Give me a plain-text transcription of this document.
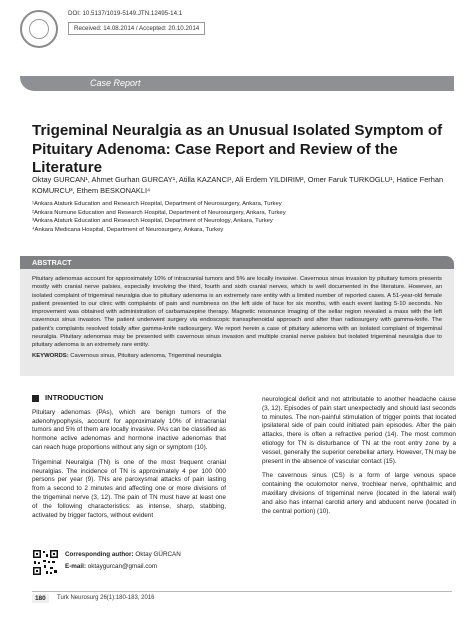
DOI: 10.5137/1019-5149.JTN.12495-14.1
Received: 14.08.2014 / Accepted: 20.10.2014
Case Report
Trigeminal Neuralgia as an Unusual Isolated Symptom of Pituitary Adenoma: Case Report and Review of the Literature
Oktay GURCAN¹, Ahmet Gurhan GURCAY¹, Atilla KAZANCI¹, Ali Erdem YILDIRIM², Omer Faruk TURKOGLU¹, Hatice Ferhan KOMURCU³, Ethem BESKONAKLI⁴
¹Ankara Ataturk Education and Research Hospital, Department of Neurosurgery, Ankara, Turkey
²Ankara Numune Education and Research Hospital, Department of Neurosurgery, Ankara, Turkey
³Ankara Ataturk Education and Research Hospital, Department of Neurology, Ankara, Turkey
⁴Ankara Medicana Hospital, Department of Neurosurgery, Ankara, Turkey
ABSTRACT

Pituitary adenomas account for approximately 10% of intracranial tumors and 5% are locally invasive. Cavernous sinus invasion by pituitary tumors presents mostly with cranial nerve palsies, especially involving the third, fourth and sixth cranial nerves, which is well documented in the literature. However, an isolated complaint of trigeminal neuralgia due to pituitary adenoma is an extremely rare entity with a limited number of reported cases. A 51-year-old female patient presented to our clinic with complaints of pain and numbness on the left side of face for six months, with each event lasting 5-10 seconds. No improvement was obtained with administration of carbamazepine therapy. Magnetic resonance imaging of the sellar region revealed a mass with the left cavernous sinus invasion. The patient underwent surgery via endoscopic transsphenoidal approach and after than radiosurgery with gamma-knife. The patient's complaints resolved totally after gamma-knife radiosurgery. We report herein a case of pituitary adenoma with an isolated complaint of trigeminal neuralgia. Pituitary adenomas may be presented with cavernous sinus invasion and multiple cranial nerve palsies but isolated trigeminal neuralgia due to pituitary adenoma is an extremely rare entity.

KEYWORDS: Cavernous sinus, Pituitary adenoma, Trigeminal neuralgia

INTRODUCTION

Pituitary adenomas (PAs), which are benign tumors of the adenohypophysis, account for approximately 10% of intracranial tumors and 5% of them are locally invasive. PAs can be classified as hormone active adenomas and hormone inactive adenomas that can reach huge proportions without any sign or symptom (10).

Trigeminal Neuralgia (TN) is one of the most frequent cranial neuralgias. The incidence of TN is approximately 4 per 100 000 persons per year (9). TNs are paroxysmal attacks of pain lasting from a second to 2 minutes and affecting one or more divisions of the trigeminal nerve (3, 12). The pain of TN must have at least one of the following characteristics: as intense, sharp, stabbing, activated by trigger factors, without evident

neurological deficit and not attributable to another headache cause (3, 12). Episodes of pain start unexpectedly and should last seconds to minutes. The non-painful stimulation of trigger points that located ipsilateral side of pain could initiated pain episodes. After the pain attacks, there is often a refractive period (14). The most common etiology for TN is disturbance of TN at the root entry zone by a vessel, generally the superior cerebellar artery. However, TN may be present in the absence of vascular contact (15).

The cavernous sinus (CS) is a form of large venous space containing the oculomotor nerve, trochlear nerve, ophthalmic and maxillary divisions of trigeminal nerve (located in the lateral wall) and also has internal carotid artery and abducent nerve (located in the central portion) (10).

Corresponding author: Oktay GÜRCAN
E-mail: oktaygurcan@gmail.com
180	Turk Neurosurg 26(1):180-183, 2016
